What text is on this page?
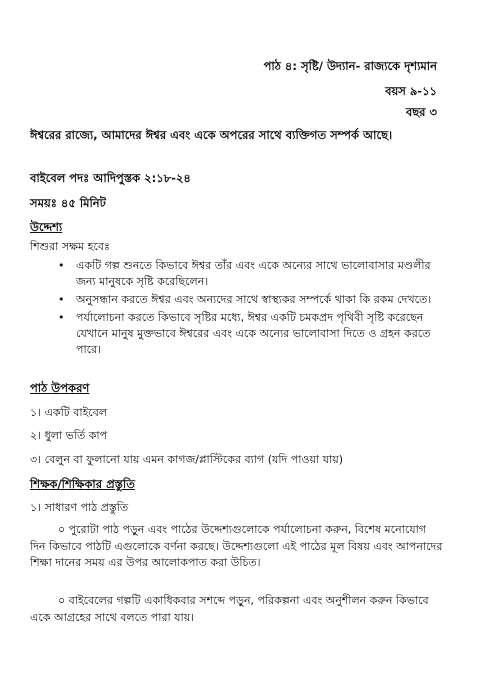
পাঠ ৪: সৃষ্টি/ উদ্যান- রাজ্যকে দৃশ্যমান
বয়স ৯-১১
বছর ৩
ঈশ্বরের রাজ্যে, আমাদের ঈশ্বর এবং একে অপরের সাথে ব্যক্তিগত সম্পর্ক আছে।
বাইবেল পদঃ আদিপুস্তক ২:১৮-২৪
সময়ঃ ৪৫ মিনিট
উদ্দেশ্য
শিশুরা সক্ষম হবেঃ
• একটি গল্প শুনতে কিভাবে ঈশ্বর তাঁর এবং একে অন্যের সাথে ভালোবাসার মণ্ডলীর জন্য মানুষকে সৃষ্টি করেছিলেন।
• অনুসন্ধান করতে ঈশ্বর এবং অন্যদের সাথে স্বাস্থ্যকর সম্পর্কে থাকা কি রকম দেখতে।
• পর্যালোচনা করতে কিভাবে সৃষ্টির মধ্যে, ঈশ্বর একটি চমকপ্রদ পৃথিবী সৃষ্টি করেছেন যেখানে মানুষ মুক্তভাবে ঈশ্বরের এবং একে অন্যের ভালোবাসা দিতে ও গ্রহন করতে পারে।
পাঠ উপকরণ
১। একটি বাইবেল
২। ধুলা ভর্তি কাপ
৩। বেলুন বা ফুলানো যায় এমন কাগজ/প্লাস্টিকের ব্যাগ (যদি পাওয়া যায়)
শিক্ষক/শিক্ষিকার প্রস্তুতি
১। সাধারণ পাঠ প্রস্তুতি
০ পুরোটা পাঠ পড়ুন এবং পাঠের উদ্দেশ্যগুলোকে পর্যালোচনা করুন, বিশেষ মনোযোগ দিন কিভাবে পাঠটি এগুলোকে বর্ণনা করছে। উদ্দেশ্যগুলো এই পাঠের মূল বিষয় এবং আপনাদের শিক্ষা দানের সময় এর উপর আলোকপাত করা উচিত।
০ বাইবেলের গল্পটি একাধিকবার সশব্দে পড়ুন, পরিকল্পনা এবং অনুশীলন করুন কিভাবে একে আগ্রহের সাথে বলতে পারা যায়।
